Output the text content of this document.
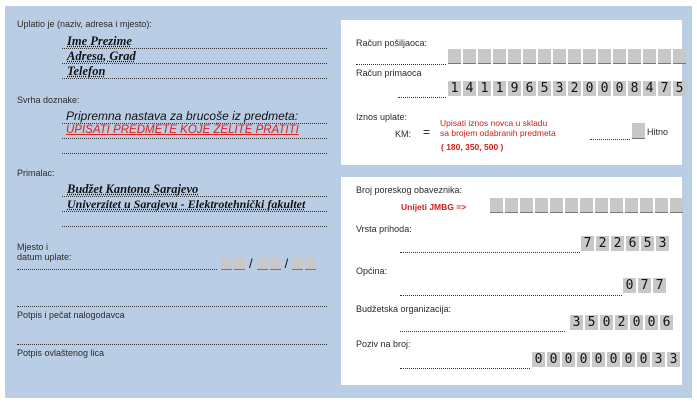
Uplatio je (naziv, adresa i mjesto):
Ime Prezime
Adresa, Grad
Telefon
Svrha doznake:
Pripremna nastava za brucoše iz predmeta:
UPISATI PREDMETE KOJE ŽELITE PRATITI
Primalac:
Budžet Kantona Sarajevo
Univerzitet u Sarajevu - Elektrotehnički fakultet
Mjesto i
datum uplate:	/ /
Potpis i pečat nalogodavca
Potpis ovlaštenog lica
Račun pošiljaoca:
Račun primaoca
1 4 1 1 9 6 5 3 2 0 0 0 8 4 7 5
Iznos uplate:
KM: =
Upisati iznos novca u skladu
sa brojem odabranih predmeta
( 180, 350, 500 )
Hitno
Broj poreskog obaveznika:
Unijeti JMBG =>
Vrsta prihoda:
7 2 2 6 5 3
Općina:
0 7 7
Budžetska organizacija:
3 5 0 2 0 0 6
Poziv na broj:
0 0 0 0 0 0 0 0 3 3
